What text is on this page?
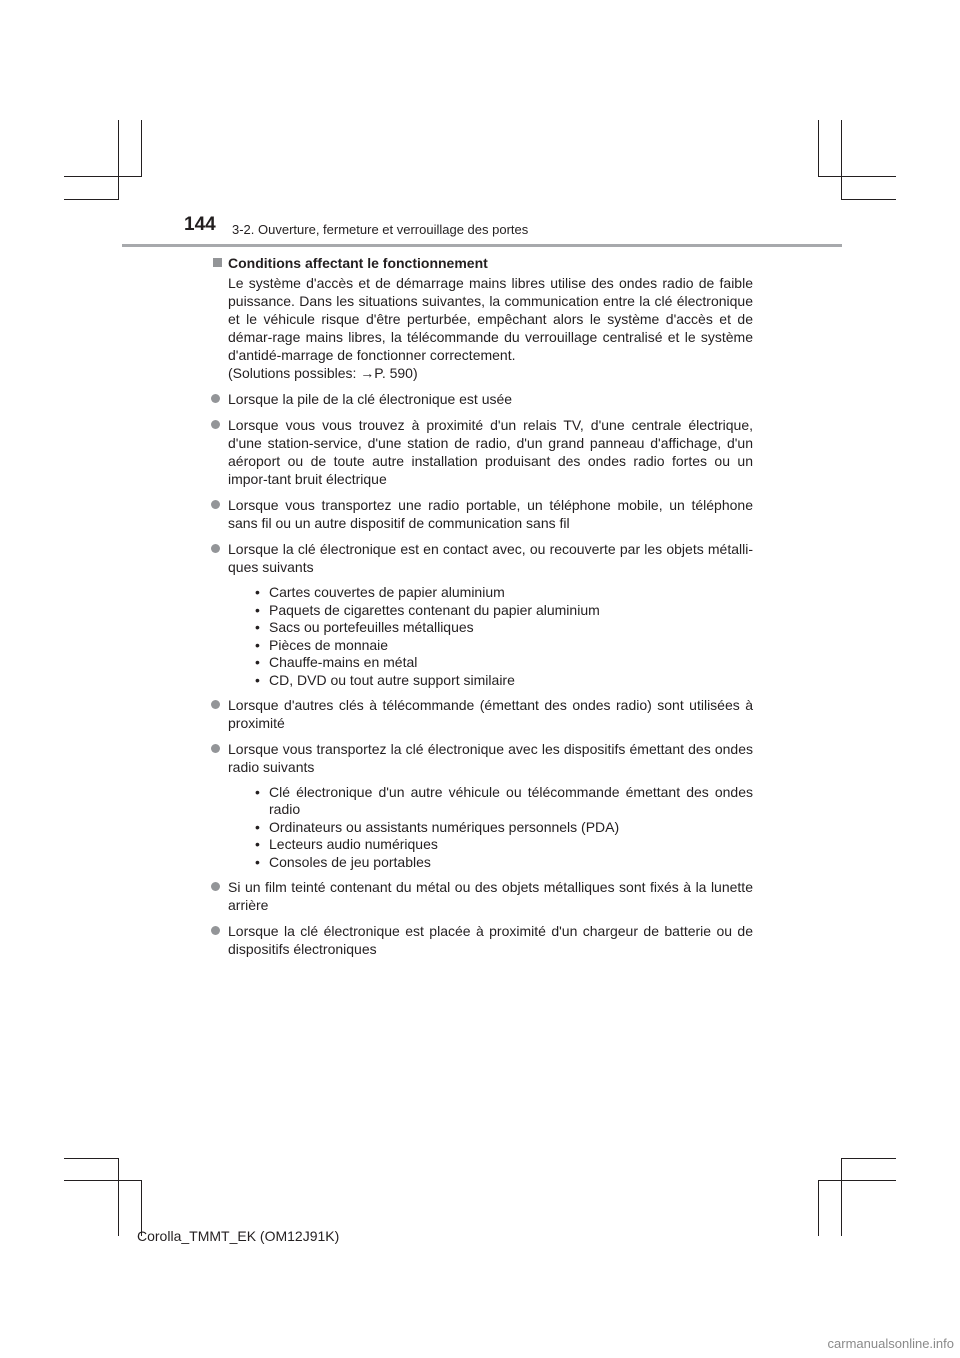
144 3-2. Ouverture, fermeture et verrouillage des portes
Conditions affectant le fonctionnement

Le système d'accès et de démarrage mains libres utilise des ondes radio de faible puissance. Dans les situations suivantes, la communication entre la clé électronique et le véhicule risque d'être perturbée, empêchant alors le système d'accès et de démar-rage mains libres, la télécommande du verrouillage centralisé et le système d'antidé-marrage de fonctionner correctement.

(Solutions possibles: →P. 590)

Lorsque la pile de la clé électronique est usée
Lorsque vous vous trouvez à proximité d'un relais TV, d'une centrale électrique, d'une station-service, d'une station de radio, d'un grand panneau d'affichage, d'un aéroport ou de toute autre installation produisant des ondes radio fortes ou un impor-tant bruit électrique
Lorsque vous transportez une radio portable, un téléphone mobile, un téléphone sans fil ou un autre dispositif de communication sans fil
Lorsque la clé électronique est en contact avec, ou recouverte par les objets métalli-ques suivants
• Cartes couvertes de papier aluminium
• Paquets de cigarettes contenant du papier aluminium
• Sacs ou portefeuilles métalliques
• Pièces de monnaie
• Chauffe-mains en métal
• CD, DVD ou tout autre support similaire
Lorsque d'autres clés à télécommande (émettant des ondes radio) sont utilisées à proximité
Lorsque vous transportez la clé électronique avec les dispositifs émettant des ondes radio suivants
• Clé électronique d'un autre véhicule ou télécommande émettant des ondes radio
• Ordinateurs ou assistants numériques personnels (PDA)
• Lecteurs audio numériques
• Consoles de jeu portables
Si un film teinté contenant du métal ou des objets métalliques sont fixés à la lunette arrière
Lorsque la clé électronique est placée à proximité d'un chargeur de batterie ou de dispositifs électroniques
Corolla_TMMT_EK (OM12J91K)
carmanualsonline.info
